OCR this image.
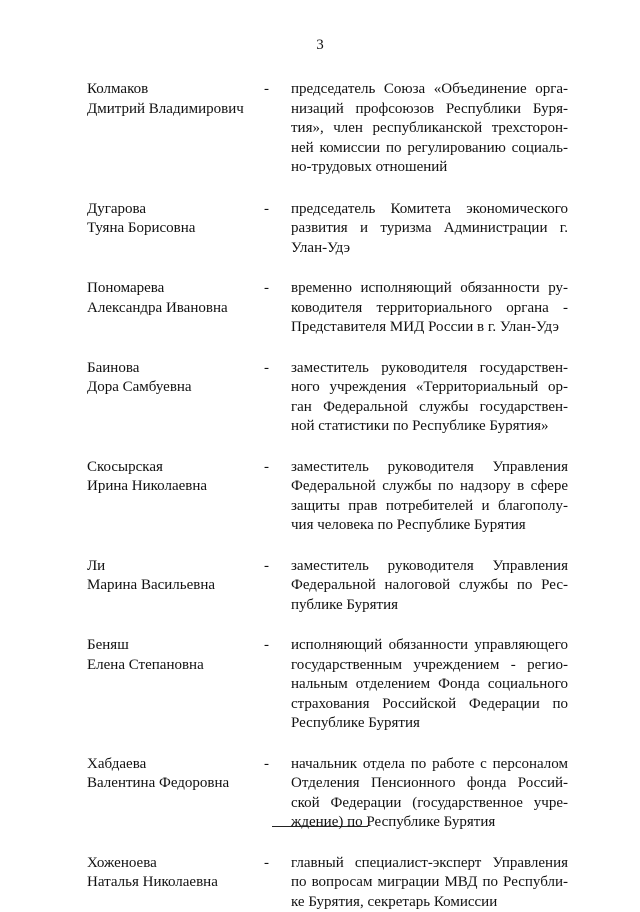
3
Колмаков
Дмитрий Владимирович
- председатель Союза «Объединение орга-
низаций профсоюзов Республики Буря-
тия», член республиканской трехсторон-
ней комиссии по регулированию социаль-
но-трудовых отношений
Дугарова
Туяна Борисовна
- председатель Комитета экономического
развития и туризма Администрации г.
Улан-Удэ
Пономарева
Александра Ивановна
- временно исполняющий обязанности ру-
ководителя территориального органа -
Представителя МИД России в г. Улан-Удэ
Баинова
Дора Самбуевна
- заместитель руководителя государствен-
ного учреждения «Территориальный ор-
ган Федеральной службы государствен-
ной статистики по Республике Бурятия»
Скосырская
Ирина Николаевна
- заместитель руководителя Управления
Федеральной службы по надзору в сфере
защиты прав потребителей и благополу-
чия человека по Республике Бурятия
Ли
Марина Васильевна
- заместитель руководителя Управления
Федеральной налоговой службы по Рес-
публике Бурятия
Беняш
Елена Степановна
- исполняющий обязанности управляющего
государственным учреждением - регио-
нальным отделением Фонда социального
страхования Российской Федерации по
Республике Бурятия
Хабдаева
Валентина Федоровна
- начальник отдела по работе с персоналом
Отделения Пенсионного фонда Россий-
ской Федерации (государственное учре-
ждение) по Республике Бурятия
Хоженоева
Наталья Николаевна
- главный специалист-эксперт Управления
по вопросам миграции МВД по Республи-
ке Бурятия, секретарь Комиссии
